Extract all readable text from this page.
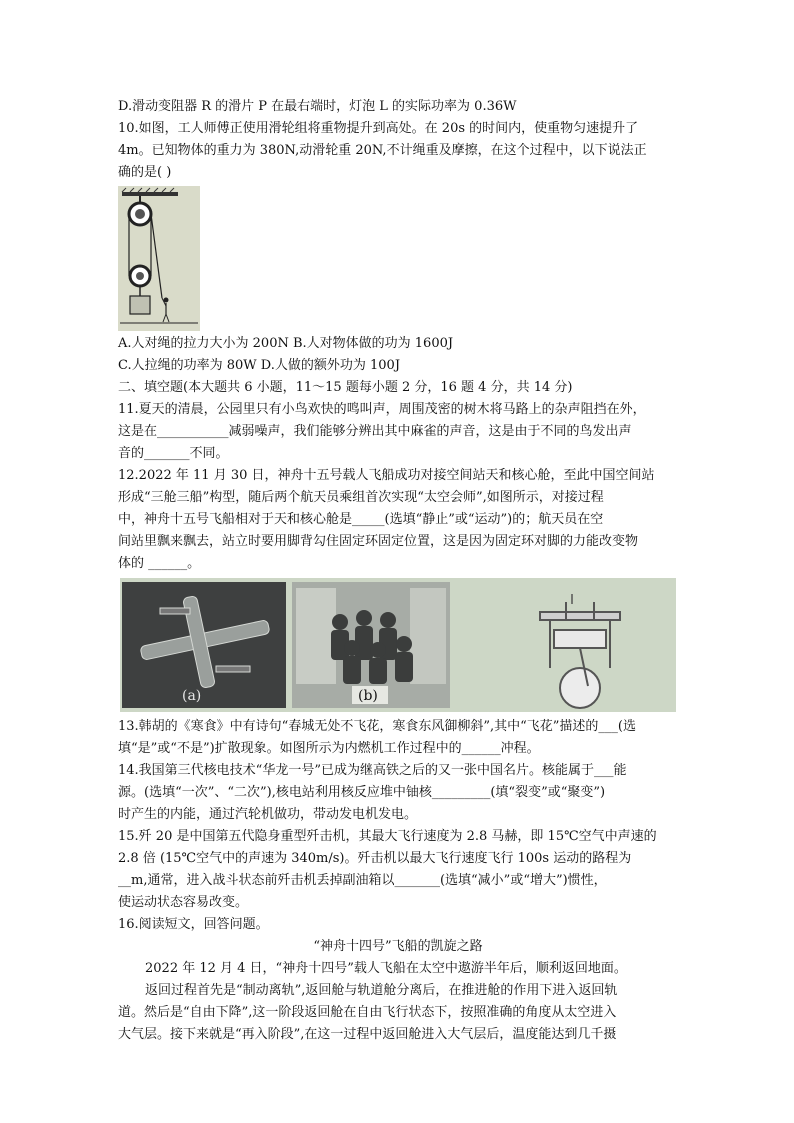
D.滑动变阻器 R 的滑片 P 在最右端时，灯泡 L 的实际功率为 0.36W
10.如图，工人师傅正使用滑轮组将重物提升到高处。在 20s 的时间内，使重物匀速提升了
4m。已知物体的重力为 380N,动滑轮重 20N,不计绳重及摩擦，在这个过程中，以下说法正
确的是( )
A.人对绳的拉力大小为 200N B.人对物体做的功为 1600J
C.人拉绳的功率为 80W D.人做的额外功为 100J
二、填空题(本大题共 6 小题，11～15 题每小题 2 分，16 题 4 分，共 14 分)
11.夏天的清晨，公园里只有小鸟欢快的鸣叫声，周围茂密的树木将马路上的杂声阻挡在外，
这是在___________减弱噪声，我们能够分辨出其中麻雀的声音，这是由于不同的鸟发出声
音的_______不同。
12.2022 年 11 月 30 日，神舟十五号载人飞船成功对接空间站天和核心舱，至此中国空间站
形成“三舱三船”构型，随后两个航天员乘组首次实现“太空会师”,如图所示，对接过程
中，神舟十五号飞船相对于天和核心舱是_____(选填“静止”或“运动”)的；航天员在空
间站里飘来飘去，站立时要用脚背勾住固定环固定位置，这是因为固定环对脚的力能改变物
体的 ______。
(a)	(b)
13.韩胡的《寒食》中有诗句“春城无处不飞花，寒食东风御柳斜”,其中“飞花”描述的___(选
填“是”或“不是”)扩散现象。如图所示为内燃机工作过程中的______冲程。
14.我国第三代核电技术“华龙一号”已成为继高铁之后的又一张中国名片。核能属于___能
源。(选填“一次”、“二次”),核电站利用核反应堆中铀核_________(填“裂变”或“聚变”)
时产生的内能，通过汽轮机做功，带动发电机发电。
15.歼 20 是中国第五代隐身重型歼击机，其最大飞行速度为 2.8 马赫，即 15℃空气中声速的
2.8 倍 (15℃空气中的声速为 340m/s)。歼击机以最大飞行速度飞行 100s 运动的路程为
__m,通常，进入战斗状态前歼击机丢掉副油箱以_______(选填“减小”或“增大”)惯性，
使运动状态容易改变。
16.阅读短文，回答问题。
“神舟十四号”飞船的凯旋之路
2022 年 12 月 4 日，“神舟十四号”载人飞船在太空中遨游半年后，顺利返回地面。
返回过程首先是“制动离轨”,返回舱与轨道舱分离后，在推进舱的作用下进入返回轨
道。然后是“自由下降”,这一阶段返回舱在自由飞行状态下，按照准确的角度从太空进入
大气层。接下来就是“再入阶段”,在这一过程中返回舱进入大气层后，温度能达到几千摄
